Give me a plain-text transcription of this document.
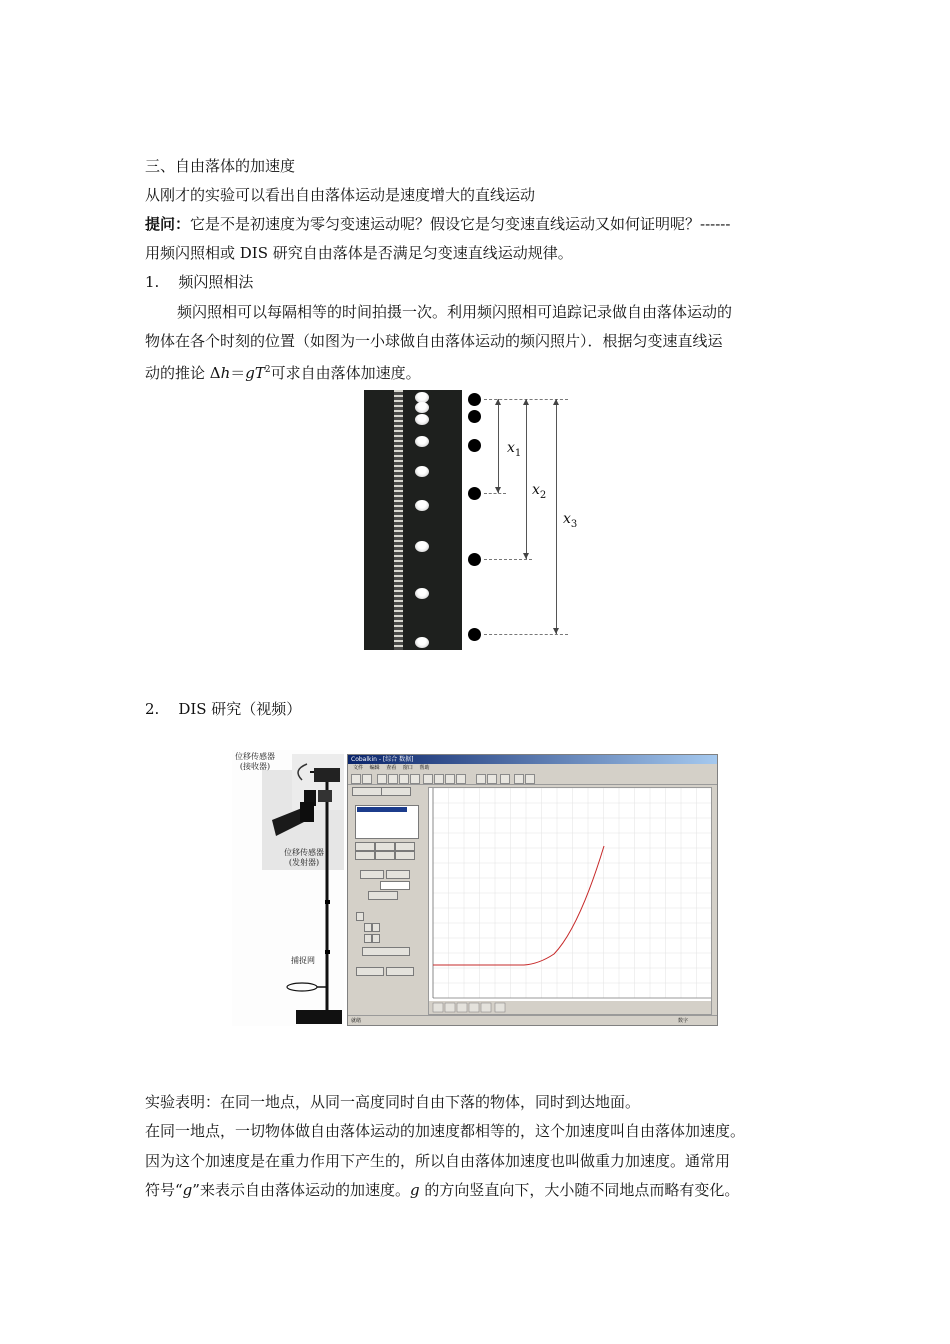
三、自由落体的加速度
从刚才的实验可以看出自由落体运动是速度增大的直线运动
提问：它是不是初速度为零匀变速运动呢？假设它是匀变速直线运动又如何证明呢？------
用频闪照相或 DIS 研究自由落体是否满足匀变速直线运动规律。
1. 频闪照相法
频闪照相可以每隔相等的时间拍摄一次。利用频闪照相可追踪记录做自由落体运动的
物体在各个时刻的位置（如图为一小球做自由落体运动的频闪照片）．根据匀变速直线运
动的推论 $\Delta h=gT^2$可求自由落体加速度。
$x_1$
$x_2$
$x_3$
2. DIS 研究（视频）
位移传感器
(接收器)
位移传感器
(发射器)
捕捉网
Cobalkin - [综合 数据]
文件 编辑 查看 窗口 帮助
就绪	数字
实验表明：在同一地点，从同一高度同时自由下落的物体，同时到达地面。
在同一地点，一切物体做自由落体运动的加速度都相等的，这个加速度叫自由落体加速度。
因为这个加速度是在重力作用下产生的，所以自由落体加速度也叫做重力加速度。通常用
符号“g”来表示自由落体运动的加速度。g 的方向竖直向下，大小随不同地点而略有变化。
